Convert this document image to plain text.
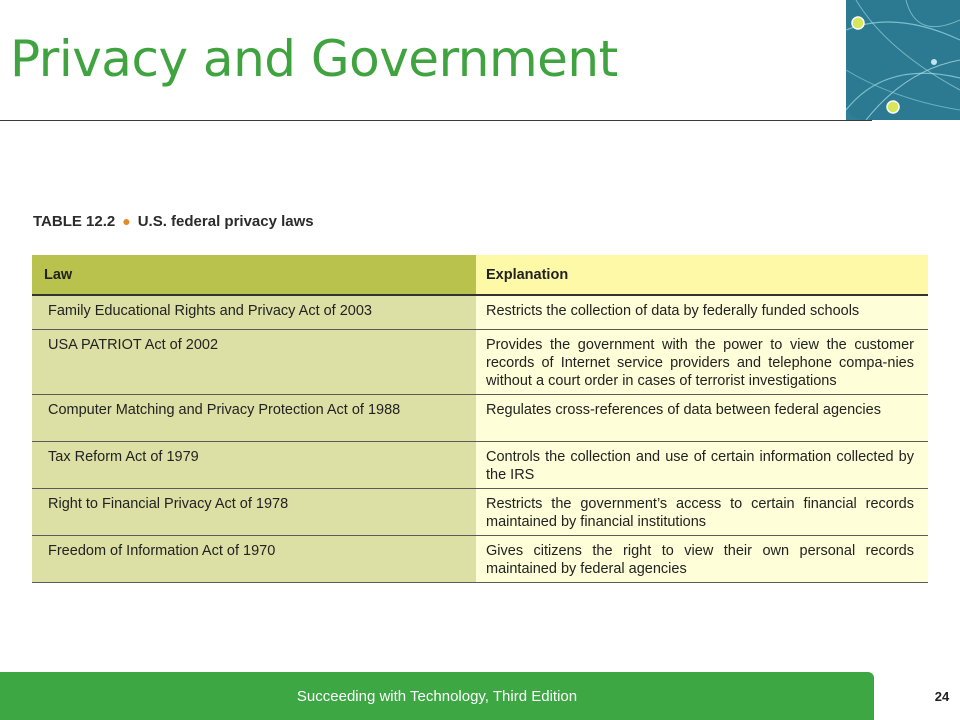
Privacy and Government
TABLE 12.2 ● U.S. federal privacy laws
Law	Explanation
Family Educational Rights and Privacy Act of 2003	Restricts the collection of data by federally funded schools
USA PATRIOT Act of 2002	Provides the government with the power to view the customer records of Internet service providers and telephone compa-nies without a court order in cases of terrorist investigations
Computer Matching and Privacy Protection Act of 1988	Regulates cross-references of data between federal agencies
Tax Reform Act of 1979	Controls the collection and use of certain information collected by the IRS
Right to Financial Privacy Act of 1978	Restricts the government’s access to certain financial records maintained by financial institutions
Freedom of Information Act of 1970	Gives citizens the right to view their own personal records maintained by federal agencies
Succeeding with Technology, Third Edition	24
